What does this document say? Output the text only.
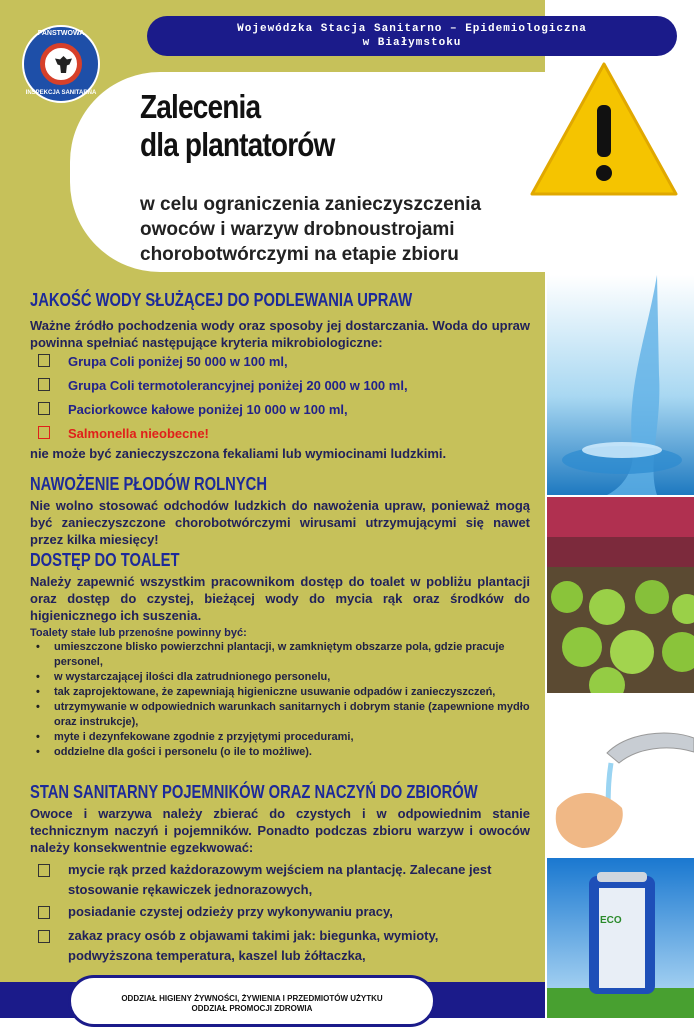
Wojewódzka Stacja Sanitarno – Epidemiologiczna
w Białymstoku
PAŃSTWOWA
INSPEKCJA SANITARNA Zalecenia
dla plantatorów
w celu ograniczenia zanieczyszczenia
owoców i warzyw drobnoustrojami
chorobotwórczymi na etapie zbioru
ECO
JAKOŚĆ WODY SŁUŻĄCEJ DO PODLEWANIA UPRAW
Ważne źródło pochodzenia wody oraz sposoby jej dostarczania. Woda do upraw powinna spełniać następujące kryteria mikrobiologiczne:
Grupa Coli poniżej 50 000 w 100 ml,
Grupa Coli termotolerancyjnej poniżej 20 000 w 100 ml,
Paciorkowce kałowe poniżej 10 000 w 100 ml,
Salmonella nieobecne!
nie może być zanieczyszczona fekaliami lub wymiocinami ludzkimi.
NAWOŻENIE PŁODÓW ROLNYCH
Nie wolno stosować odchodów ludzkich do nawożenia upraw, ponieważ mogą być zanieczyszczone chorobotwórczymi wirusami utrzymującymi się nawet przez kilka miesięcy!
DOSTĘP DO TOALET
Należy zapewnić wszystkim pracownikom dostęp do toalet w pobliżu plantacji oraz dostęp do czystej, bieżącej wody do mycia rąk oraz środków do higienicznego ich suszenia.
Toalety stałe lub przenośne powinny być:
• umieszczone blisko powierzchni plantacji, w zamkniętym obszarze pola, gdzie pracuje personel,
• w wystarczającej ilości dla zatrudnionego personelu,
• tak zaprojektowane, że zapewniają higieniczne usuwanie odpadów i zanieczyszczeń,
• utrzymywanie w odpowiednich warunkach sanitarnych i dobrym stanie (zapewnione mydło oraz instrukcje),
• myte i dezynfekowane zgodnie z przyjętymi procedurami,
• oddzielne dla gości i personelu (o ile to możliwe).
STAN SANITARNY POJEMNIKÓW ORAZ NACZYŃ DO ZBIORÓW
Owoce i warzywa należy zbierać do czystych i w odpowiednim stanie technicznym naczyń i pojemników. Ponadto podczas zbioru warzyw i owoców należy konsekwentnie egzekwować:
mycie rąk przed każdorazowym wejściem na plantację. Zalecane jest stosowanie rękawiczek jednorazowych,
posiadanie czystej odzieży przy wykonywaniu pracy,
zakaz pracy osób z objawami takimi jak: biegunka, wymioty, podwyższona temperatura, kaszel lub żółtaczka,
ODDZIAŁ HIGIENY ŻYWNOŚCI, ŻYWIENIA I PRZEDMIOTÓW UŻYTKU
ODDZIAŁ PROMOCJI ZDROWIA
